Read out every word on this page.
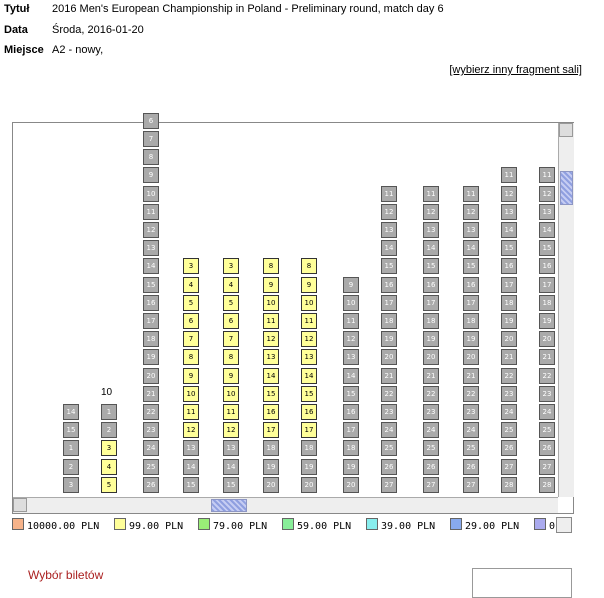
Tytuł 2016 Men's European Championship in Poland - Preliminary round, match day 6
Data Środa, 2016-01-20
Miejsce A2 - nowy,
[wybierz inny fragment sali]
14
15
1
2
3
1
2
3
4
5
6
7
8
9
10
11
12
13
14
15
16
17
18
19
20
21
22
23
24
25
26
3
4
5
6
7
8
9
10
11
12
13
14
15
3
4
5
6
7
8
9
10
11
12
13
14
15
8
9
10
11
12
13
14
15
16
17
18
19
20
8
9
10
11
12
13
14
15
16
17
18
19
20
9
10
11
12
13
14
15
16
17
18
19
20
11
12
13
14
15
16
17
18
19
20
21
22
23
24
25
26
27
11
12
13
14
15
16
17
18
19
20
21
22
23
24
25
26
27
11
12
13
14
15
16
17
18
19
20
21
22
23
24
25
26
27
11
12
13
14
15
16
17
18
19
20
21
22
23
24
25
26
27
28
11
12
13
14
15
16
17
18
19
20
21
22
23
24
25
26
27
28
10
10000.00 PLN	99.00 PLN	79.00 PLN	59.00 PLN	39.00 PLN	29.00 PLN	0
Wybór biletów
